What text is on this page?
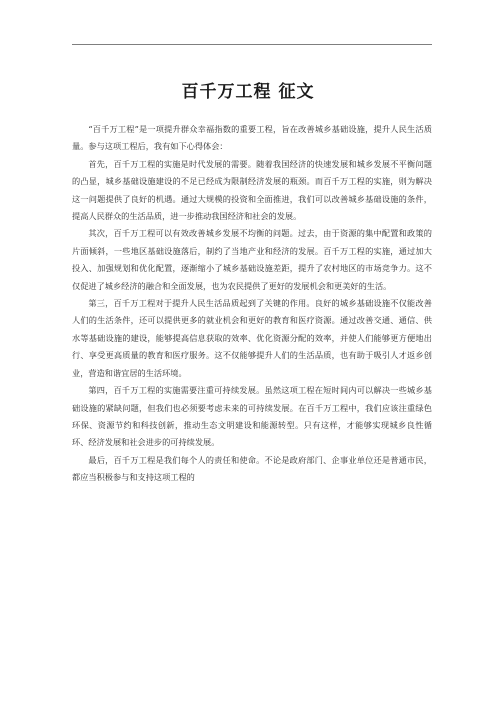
百千万工程 征文

“百千万工程”是一项提升群众幸福指数的重要工程，旨在改善城乡基础设施，提升人民生活质量。参与这项工程后，我有如下心得体会：

首先，百千万工程的实施是时代发展的需要。随着我国经济的快速发展和城乡发展不平衡问题的凸显，城乡基础设施建设的不足已经成为限制经济发展的瓶颈。而百千万工程的实施，则为解决这一问题提供了良好的机遇。通过大规模的投资和全面推进，我们可以改善城乡基础设施的条件，提高人民群众的生活品质，进一步推动我国经济和社会的发展。

其次，百千万工程可以有效改善城乡发展不均衡的问题。过去，由于资源的集中配置和政策的片面倾斜，一些地区基础设施落后，制约了当地产业和经济的发展。百千万工程的实施，通过加大投入、加强规划和优化配置，逐渐缩小了城乡基础设施差距，提升了农村地区的市场竞争力。这不仅促进了城乡经济的融合和全面发展，也为农民提供了更好的发展机会和更美好的生活。

第三，百千万工程对于提升人民生活品质起到了关键的作用。良好的城乡基础设施不仅能改善人们的生活条件，还可以提供更多的就业机会和更好的教育和医疗资源。通过改善交通、通信、供水等基础设施的建设，能够提高信息获取的效率、优化资源分配的效率，并使人们能够更方便地出行、享受更高质量的教育和医疗服务。这不仅能够提升人们的生活品质，也有助于吸引人才返乡创业，营造和谐宜居的生活环境。

第四，百千万工程的实施需要注重可持续发展。虽然这项工程在短时间内可以解决一些城乡基础设施的紧缺问题，但我们也必须要考虑未来的可持续发展。在百千万工程中，我们应该注重绿色环保、资源节约和科技创新，推动生态文明建设和能源转型。只有这样，才能够实现城乡良性循环、经济发展和社会进步的可持续发展。

最后，百千万工程是我们每个人的责任和使命。不论是政府部门、企事业单位还是普通市民，都应当积极参与和支持这项工程的
